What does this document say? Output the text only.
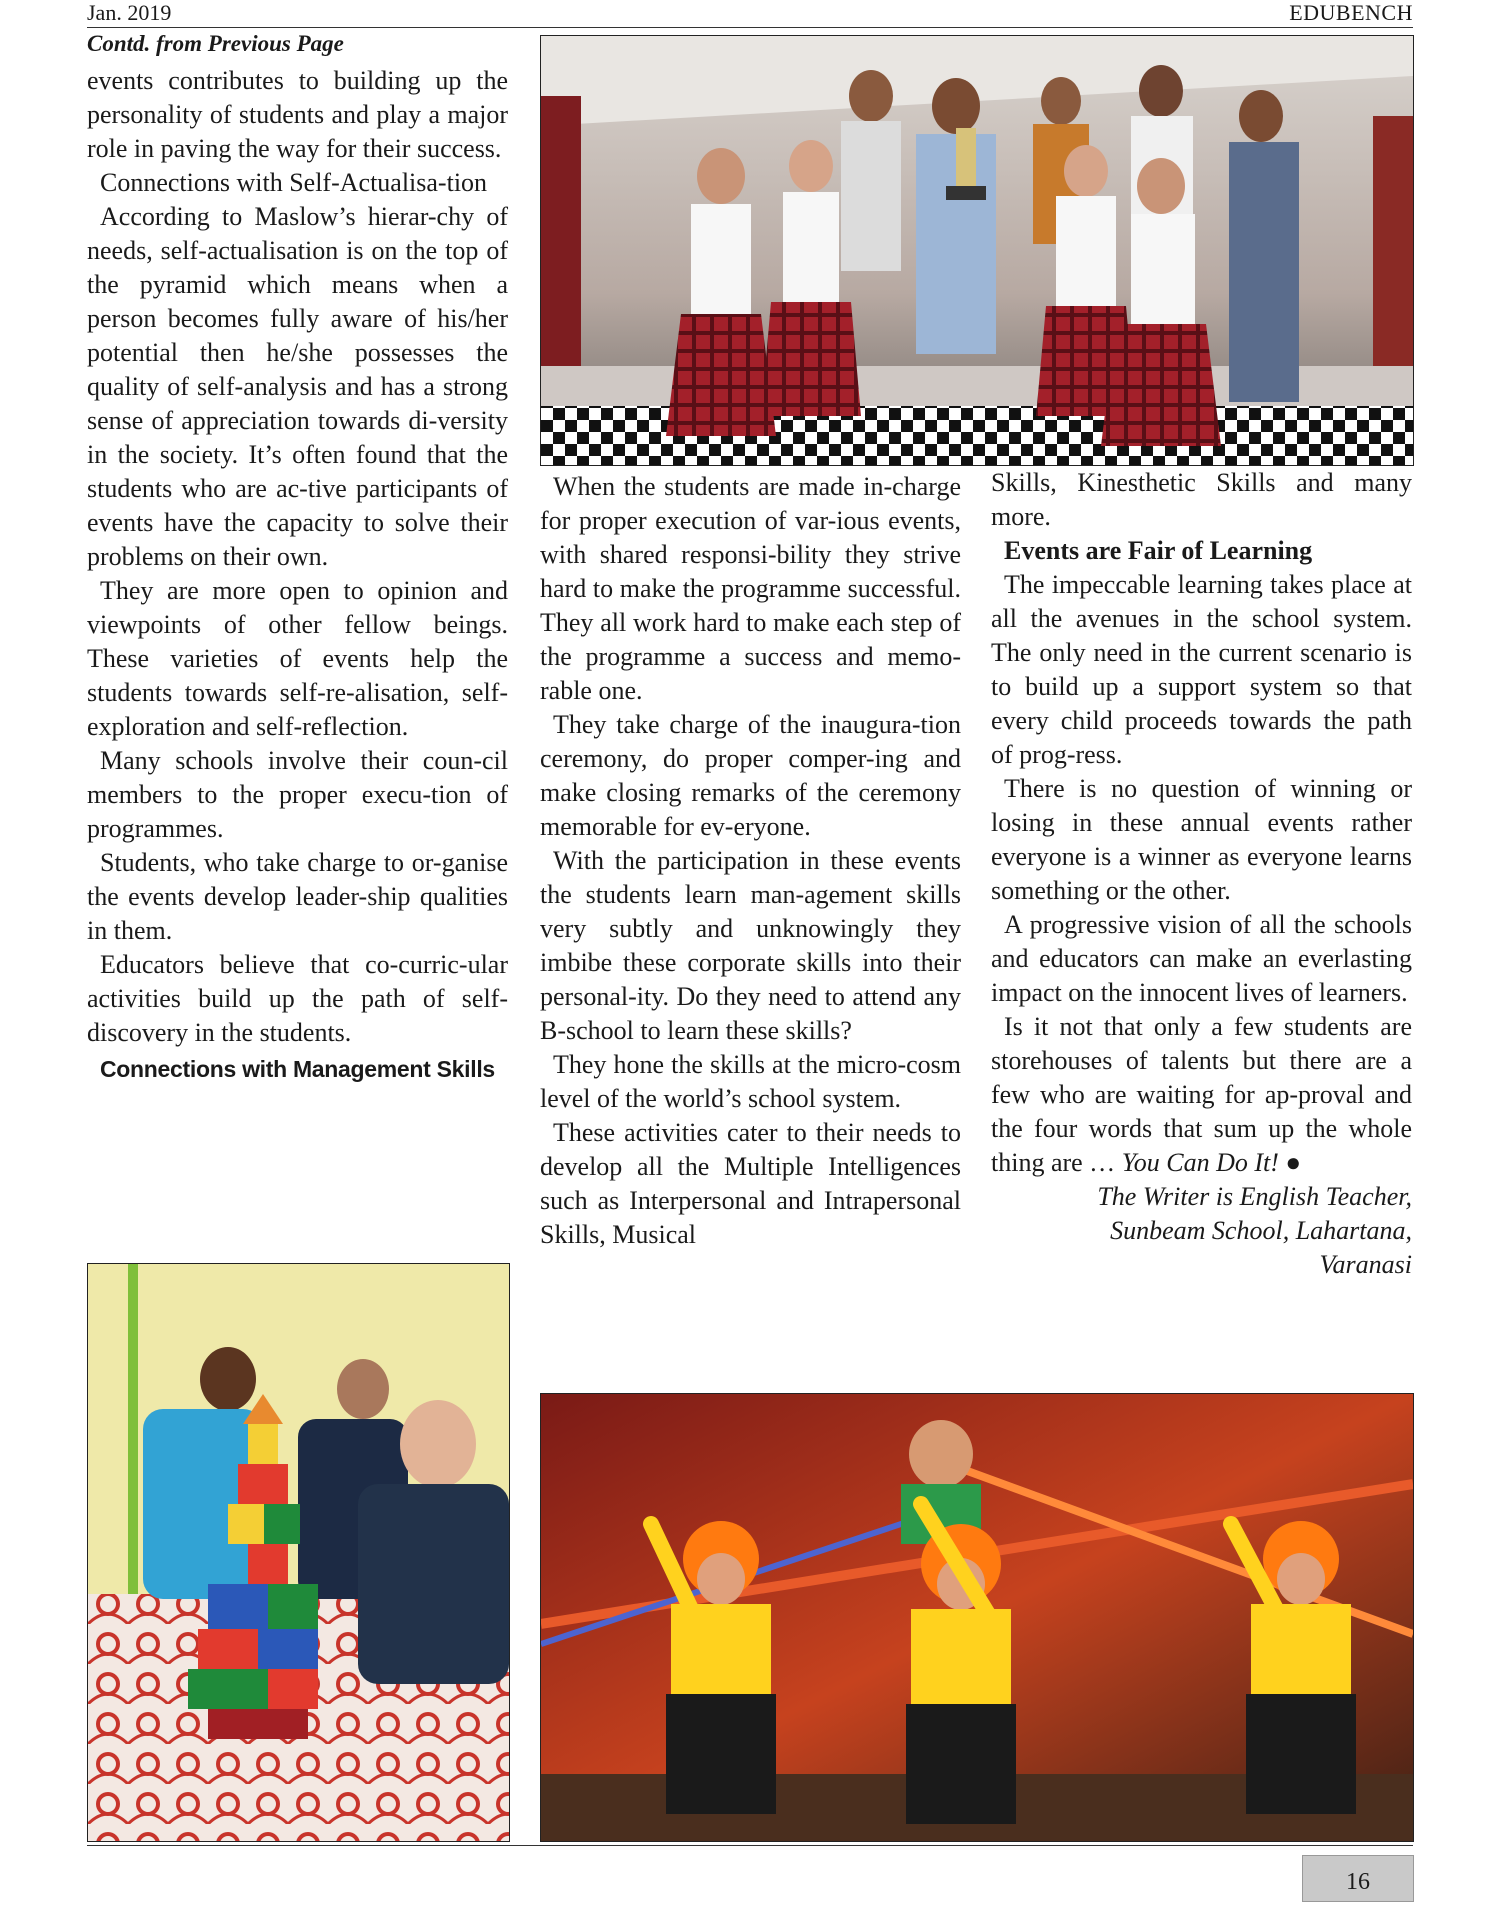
Jan. 2019	EDUBENCH
Contd. from Previous Page

events contributes to building up the personality of students and play a major role in paving the way for their success.

Connections with Self-Actualisa-tion

According to Maslow’s hierar-chy of needs, self-actualisation is on the top of the pyramid which means when a person becomes fully aware of his/her potential then he/she possesses the quality of self-analysis and has a strong sense of appreciation towards di-versity in the society. It’s often found that the students who are ac-tive participants of events have the capacity to solve their problems on their own.

They are more open to opinion and viewpoints of other fellow beings. These varieties of events help the students towards self-re-alisation, self-exploration and self-reflection.

Many schools involve their coun-cil members to the proper execu-tion of programmes.

Students, who take charge to or-ganise the events develop leader-ship qualities in them.

Educators believe that co-curric-ular activities build up the path of self-discovery in the students.

Connections with Management Skills

When the students are made in-charge for proper execution of var-ious events, with shared responsi-bility they strive hard to make the programme successful. They all work hard to make each step of the programme a success and memo-rable one.

They take charge of the inaugura-tion ceremony, do proper comper-ing and make closing remarks of the ceremony memorable for ev-eryone.

With the participation in these events the students learn man-agement skills very subtly and unknowingly they imbibe these corporate skills into their personal-ity. Do they need to attend any B-school to learn these skills?

They hone the skills at the micro-cosm level of the world’s school system.

These activities cater to their needs to develop all the Multiple Intelligences such as Interpersonal and Intrapersonal Skills, Musical

Skills, Kinesthetic Skills and many more.

Events are Fair of Learning

The impeccable learning takes place at all the avenues in the school system. The only need in the current scenario is to build up a support system so that every child proceeds towards the path of prog-ress.

There is no question of winning or losing in these annual events rather everyone is a winner as everyone learns something or the other.

A progressive vision of all the schools and educators can make an everlasting impact on the innocent lives of learners.

Is it not that only a few students are storehouses of talents but there are a few who are waiting for ap-proval and the four words that sum up the whole thing are … You Can Do It! ●

The Writer is English Teacher,

Sunbeam School, Lahartana,

Varanasi

16
